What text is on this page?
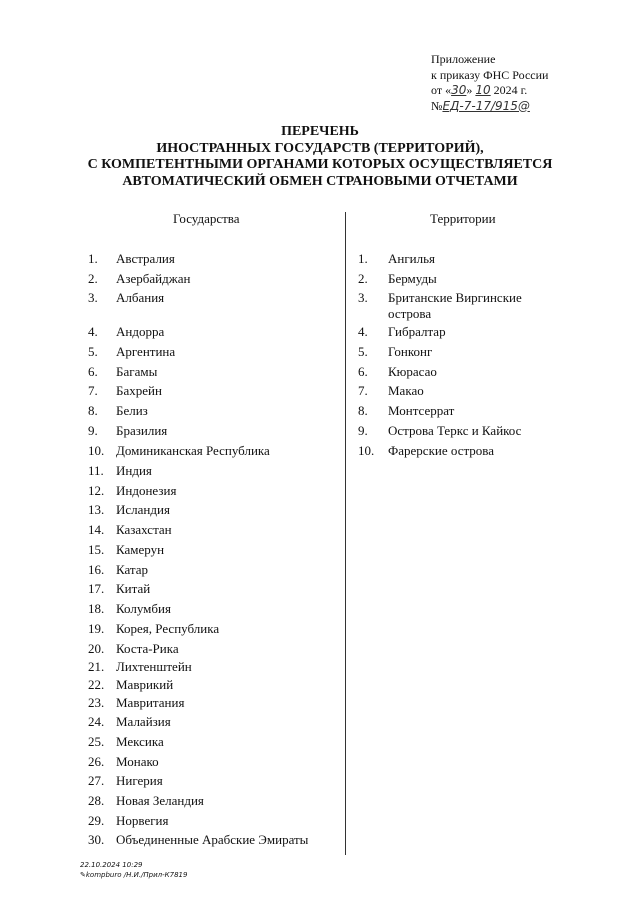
Приложение
к приказу ФНС России
от «30» 10 2024 г.
№ЕД-7-17/915@
ПЕРЕЧЕНЬ
ИНОСТРАННЫХ ГОСУДАРСТВ (ТЕРРИТОРИЙ),
С КОМПЕТЕНТНЫМИ ОРГАНАМИ КОТОРЫХ ОСУЩЕСТВЛЯЕТСЯ
АВТОМАТИЧЕСКИЙ ОБМЕН СТРАНОВЫМИ ОТЧЕТАМИ
Государства	Территории
1.	Австралия
2.	Азербайджан
3.	Албания
4.	Андорра
5.	Аргентина
6.	Багамы
7.	Бахрейн
8.	Белиз
9.	Бразилия
10. Доминиканская Республика
11. Индия
12. Индонезия
13. Исландия
14. Казахстан
15. Камерун
16. Катар
17. Китай
18. Колумбия
19. Корея, Республика
20. Коста-Рика
21. Лихтенштейн
22. Маврикий
23. Мавритания
24. Малайзия
25. Мексика
26. Монако
27. Нигерия
28. Новая Зеландия
29. Норвегия
30. Объединенные Арабские Эмираты
1.	Ангилья
2.	Бермуды
3.	Британские Виргинские
острова
4.	Гибралтар
5.	Гонконг
6.	Кюрасао
7.	Макао
8.	Монтсеррат
9.	Острова Теркс и Кайкос
10.	Фарерские острова
22.10.2024 10:29
✎kompburo /Н.И./Прил-К7819
